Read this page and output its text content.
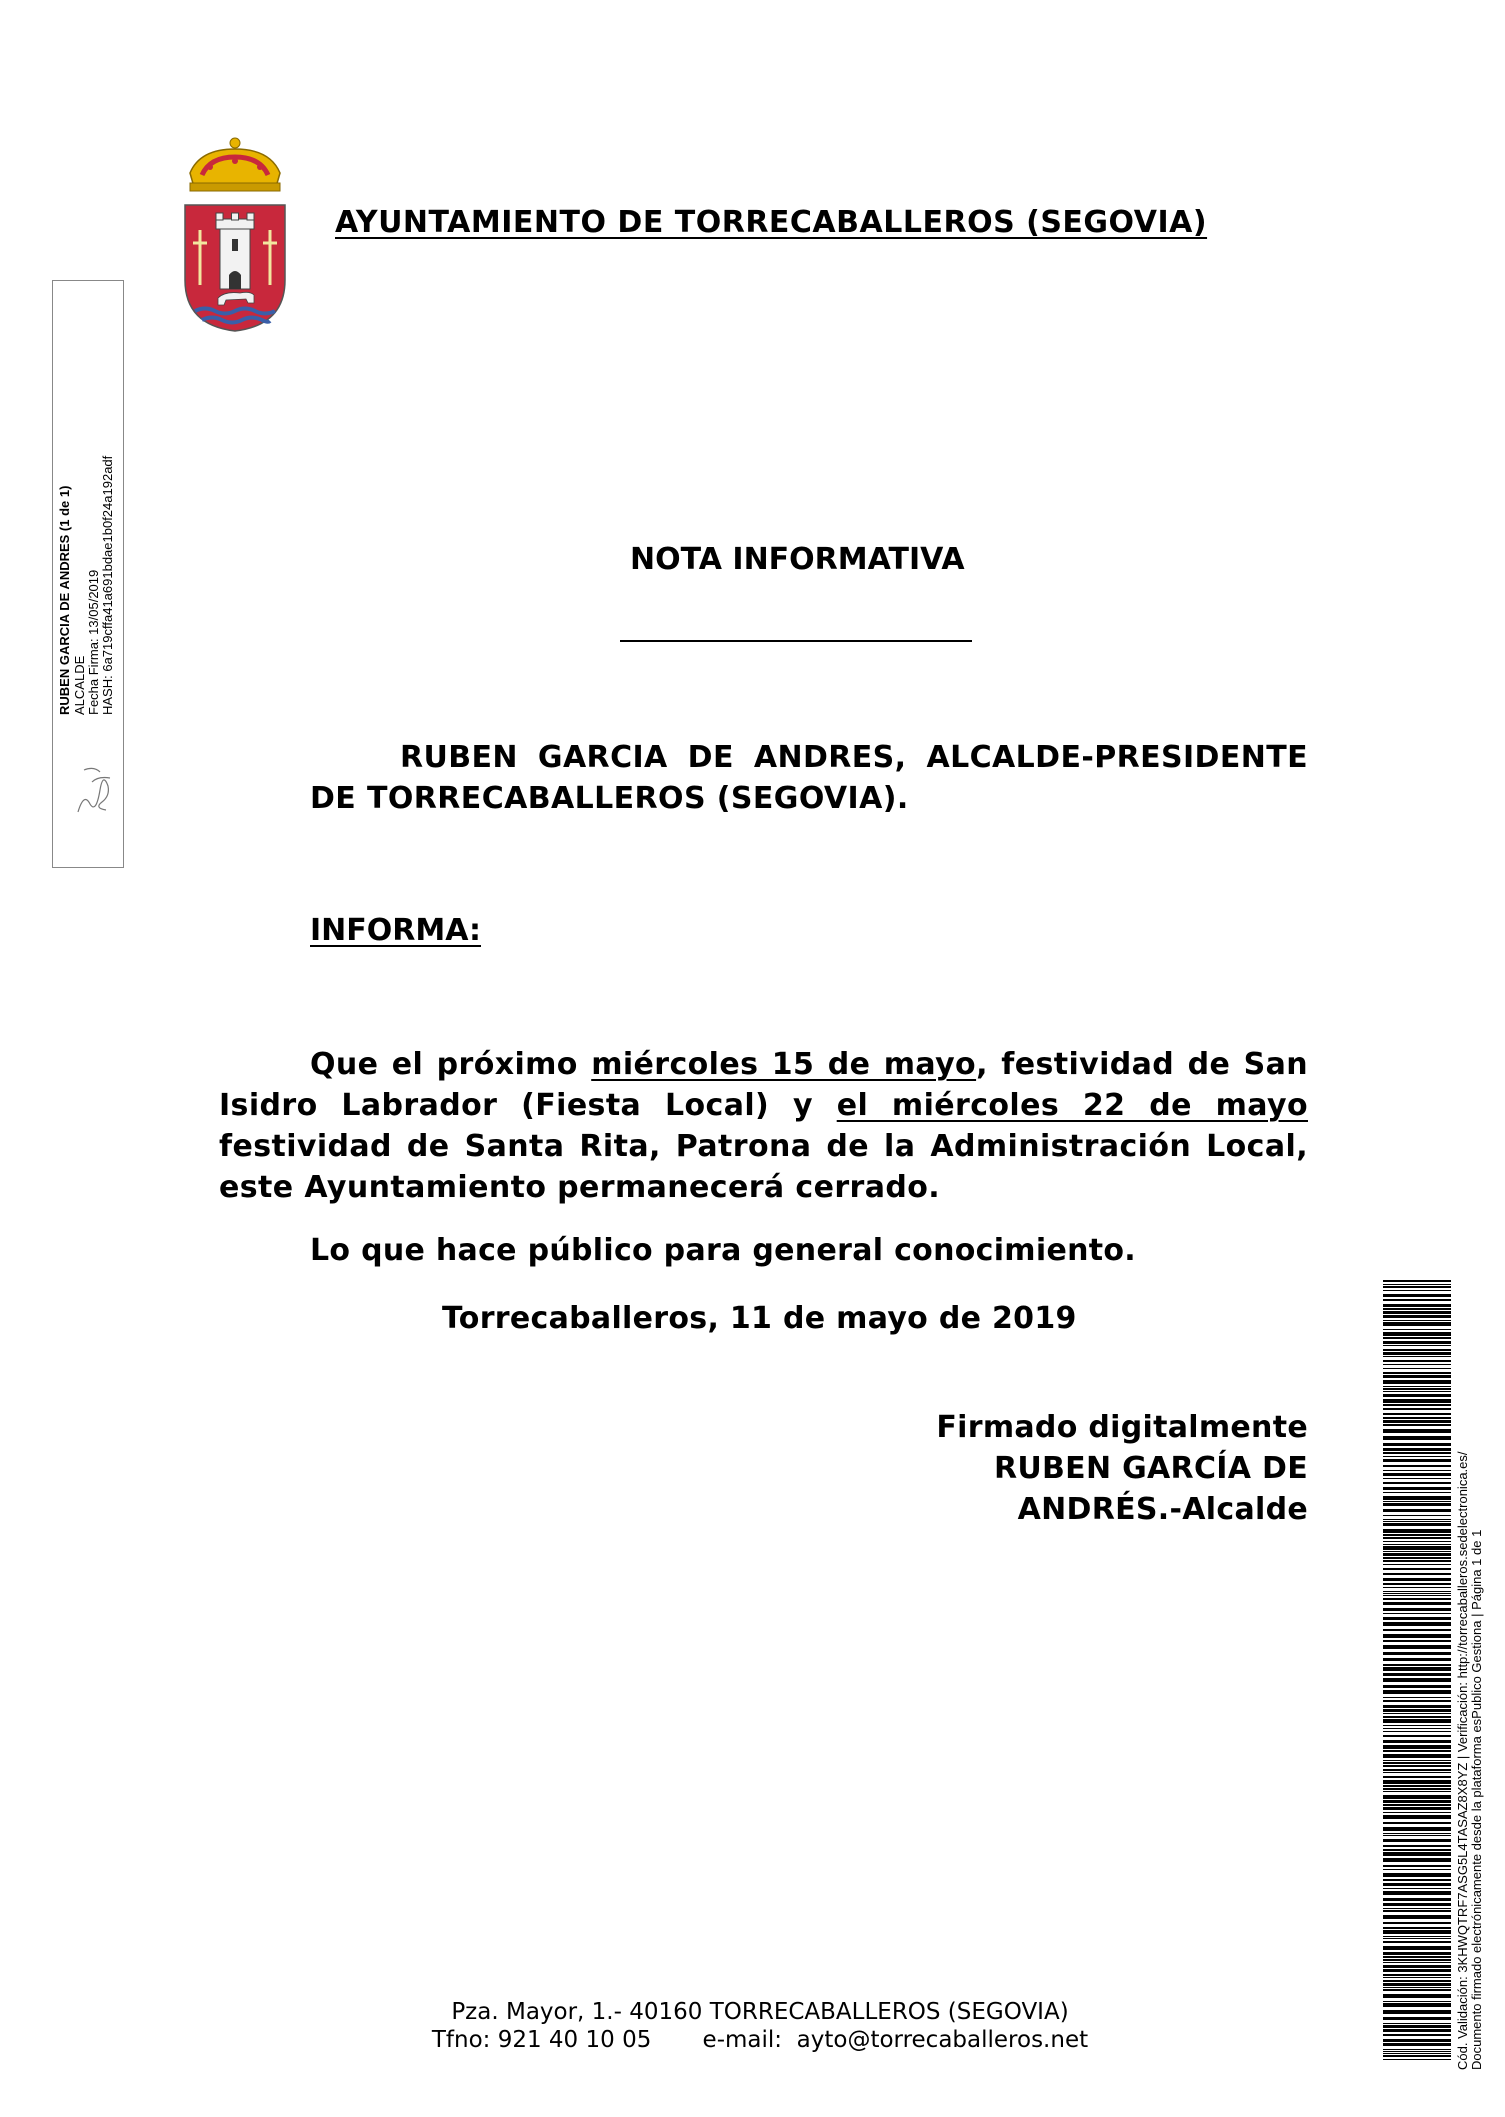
AYUNTAMIENTO DE TORRECABALLEROS (SEGOVIA)
RUBEN GARCIA DE ANDRES (1 de 1) ALCALDE Fecha Firma: 13/05/2019 HASH: 6a719cffa41a691bdae1b0f24a192adf	NOTA INFORMATIVA
RUBEN GARCIA DE ANDRES, ALCALDE-PRESIDENTE DE TORRECABALLEROS (SEGOVIA).
INFORMA:
Que el próximo miércoles 15 de mayo, festividad de San Isidro Labrador (Fiesta Local) y el miércoles 22 de mayo festividad de Santa Rita, Patrona de la Administración Local, este Ayuntamiento permanecerá cerrado.
Lo que hace público para general conocimiento.
Torrecaballeros, 11 de mayo de 2019
Firmado digitalmente
RUBEN GARCÍA DE
ANDRÉS.-Alcalde
Pza. Mayor, 1.- 40160 TORRECABALLEROS (SEGOVIA)
Tfno: 921 40 10 05 e-mail:  ayto@torrecaballeros.net	Cód. Validación: 3KHWQTRF7ASG5L4TASAZ8X8YZ | Verificación: http://torrecaballeros.sedelectronica.es/ Documento firmado electrónicamente desde la plataforma esPublico Gestiona | Página 1 de 1
